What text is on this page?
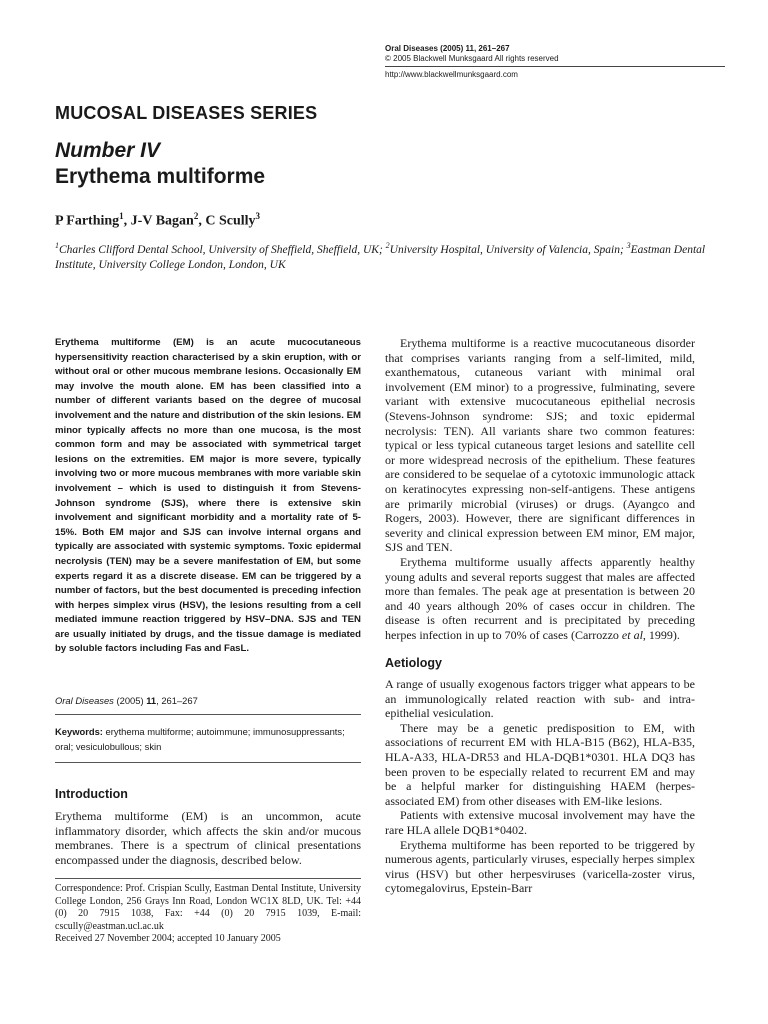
Oral Diseases (2005) 11, 261–267
© 2005 Blackwell Munksgaard All rights reserved
http://www.blackwellmunksgaard.com
MUCOSAL DISEASES SERIES
Number IV
Erythema multiforme
P Farthing$^1$, J-V Bagan$^2$, C Scully$^3$
$^1$Charles Clifford Dental School, University of Sheffield, Sheffield, UK; $^2$University Hospital, University of Valencia, Spain; $^3$Eastman Dental Institute, University College London, London, UK
Erythema multiforme (EM) is an acute mucocutaneous hypersensitivity reaction characterised by a skin eruption, with or without oral or other mucous membrane lesions. Occasionally EM may involve the mouth alone. EM has been classified into a number of different variants based on the degree of mucosal involvement and the nature and distribution of the skin lesions. EM minor typically affects no more than one mucosa, is the most common form and may be associated with symmetrical target lesions on the extremities. EM major is more severe, typically involving two or more mucous membranes with more variable skin involvement – which is used to distinguish it from Stevens-Johnson syndrome (SJS), where there is extensive skin involvement and significant morbidity and a mortality rate of 5-15%. Both EM major and SJS can involve internal organs and typically are associated with systemic symptoms. Toxic epidermal necrolysis (TEN) may be a severe manifestation of EM, but some experts regard it as a discrete disease. EM can be triggered by a number of factors, but the best documented is preceding infection with herpes simplex virus (HSV), the lesions resulting from a cell mediated immune reaction triggered by HSV–DNA. SJS and TEN are usually initiated by drugs, and the tissue damage is mediated by soluble factors including Fas and FasL.
Oral Diseases (2005) 11, 261–267
Keywords: erythema multiforme; autoimmune; immunosuppressants; oral; vesiculobullous; skin
Introduction
Erythema multiforme (EM) is an uncommon, acute inflammatory disorder, which affects the skin and/or mucous membranes. There is a spectrum of clinical presentations encompassed under the diagnosis, described below.
Correspondence: Prof. Crispian Scully, Eastman Dental Institute, University College London, 256 Grays Inn Road, London WC1X 8LD, UK. Tel: +44 (0) 20 7915 1038, Fax: +44 (0) 20 7915 1039, E-mail: cscully@eastman.ucl.ac.uk
Received 27 November 2004; accepted 10 January 2005

Erythema multiforme is a reactive mucocutaneous disorder that comprises variants ranging from a self-limited, mild, exanthematous, cutaneous variant with minimal oral involvement (EM minor) to a progressive, fulminating, severe variant with extensive mucocutaneous epithelial necrosis (Stevens-Johnson syndrome: SJS; and toxic epidermal necrolysis: TEN). All variants share two common features: typical or less typical cutaneous target lesions and satellite cell or more widespread necrosis of the epithelium. These features are considered to be sequelae of a cytotoxic immunologic attack on keratinocytes expressing non-self-antigens. These antigens are primarily microbial (viruses) or drugs. (Ayangco and Rogers, 2003). However, there are significant differences in severity and clinical expression between EM minor, EM major, SJS and TEN.

Erythema multiforme usually affects apparently healthy young adults and several reports suggest that males are affected more than females. The peak age at presentation is between 20 and 40 years although 20% of cases occur in children. The disease is often recurrent and is precipitated by preceding herpes infection in up to 70% of cases (Carrozzo et al, 1999).

Aetiology

A range of usually exogenous factors trigger what appears to be an immunologically related reaction with sub- and intra-epithelial vesiculation.

There may be a genetic predisposition to EM, with associations of recurrent EM with HLA-B15 (B62), HLA-B35, HLA-A33, HLA-DR53 and HLA-DQB1*0301. HLA DQ3 has been proven to be especially related to recurrent EM and may be a helpful marker for distinguishing HAEM (herpes-associated EM) from other diseases with EM-like lesions.

Patients with extensive mucosal involvement may have the rare HLA allele DQB1*0402.

Erythema multiforme has been reported to be triggered by numerous agents, particularly viruses, especially herpes simplex virus (HSV) but other herpesviruses (varicella-zoster virus, cytomegalovirus, Epstein-Barr
